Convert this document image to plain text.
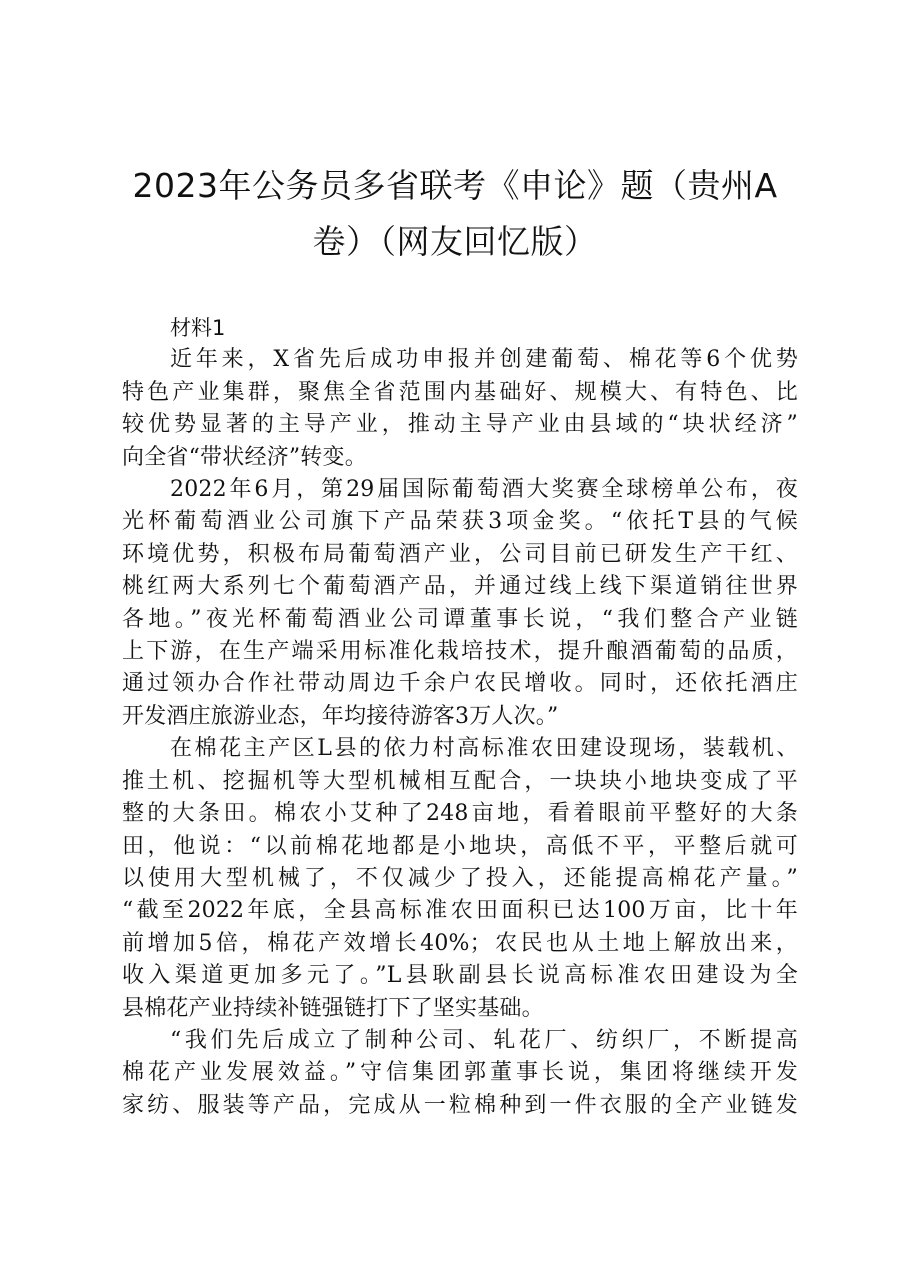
2023年公务员多省联考《申论》题（贵州A
卷）（网友回忆版）

材料1

近年来，X省先后成功申报并创建葡萄、棉花等6个优势
特色产业集群，聚焦全省范围内基础好、规模大、有特色、比
较优势显著的主导产业，推动主导产业由县域的“块状经济”
向全省“带状经济”转变。

2022年6月，第29届国际葡萄酒大奖赛全球榜单公布，夜
光杯葡萄酒业公司旗下产品荣获3项金奖。“依托T县的气候
环境优势，积极布局葡萄酒产业，公司目前已研发生产干红、
桃红两大系列七个葡萄酒产品，并通过线上线下渠道销往世界
各地。”夜光杯葡萄酒业公司谭董事长说，“我们整合产业链
上下游，在生产端采用标准化栽培技术，提升酿酒葡萄的品质，
通过领办合作社带动周边千余户农民增收。同时，还依托酒庄
开发酒庄旅游业态，年均接待游客3万人次。”

在棉花主产区L县的依力村高标准农田建设现场，装载机、
推土机、挖掘机等大型机械相互配合，一块块小地块变成了平
整的大条田。棉农小艾种了248亩地，看着眼前平整好的大条
田，他说：“以前棉花地都是小地块，高低不平，平整后就可
以使用大型机械了，不仅减少了投入，还能提高棉花产量。”
“截至2022年底，全县高标准农田面积已达100万亩，比十年
前增加5倍，棉花产效增长40%；农民也从土地上解放出来，
收入渠道更加多元了。”L县耿副县长说高标准农田建设为全
县棉花产业持续补链强链打下了坚实基础。

“我们先后成立了制种公司、轧花厂、纺织厂，不断提高
棉花产业发展效益。”守信集团郭董事长说，集团将继续开发
家纺、服装等产品，完成从一粒棉种到一件衣服的全产业链发
